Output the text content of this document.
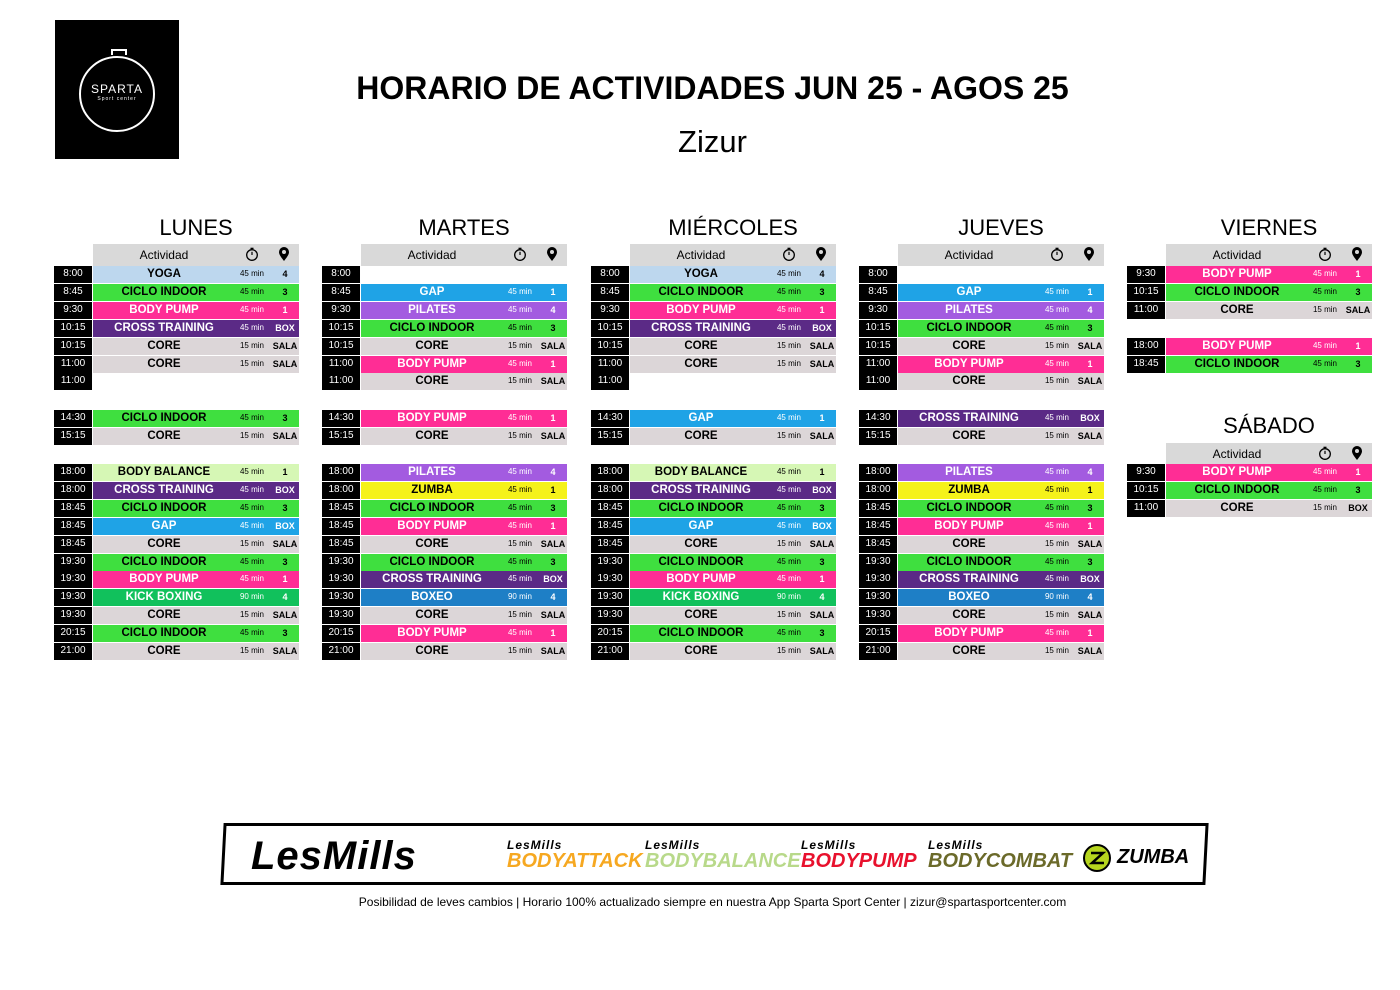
SPARTA
Sport center	HORARIO DE ACTIVIDADES JUN 25 - AGOS 25
Zizur
LUNES
Actividad
8:00	YOGA	45 min	4
8:45	CICLO INDOOR	45 min	3
9:30	BODY PUMP	45 min	1
10:15	CROSS TRAINING	45 min	BOX
10:15	CORE	15 min SALA
11:00	CORE	15 min SALA
11:00
14:30	CICLO INDOOR	45 min	3
15:15	CORE	15 min SALA
18:00	BODY BALANCE	45 min	1
18:00	CROSS TRAINING	45 min	BOX
18:45	CICLO INDOOR	45 min	3
18:45	GAP	45 min	BOX
18:45	CORE	15 min SALA
19:30	CICLO INDOOR	45 min	3
19:30	BODY PUMP	45 min	1
19:30	KICK BOXING	90 min	4
19:30	CORE	15 min SALA
20:15	CICLO INDOOR	45 min	3
21:00	CORE	15 min SALA
MARTES
Actividad
8:00
8:45	GAP	45 min	1
9:30	PILATES	45 min	4
10:15	CICLO INDOOR	45 min	3
10:15	CORE	15 min SALA
11:00	BODY PUMP	45 min	1
11:00	CORE	15 min SALA
14:30	BODY PUMP	45 min	1
15:15	CORE	15 min SALA
18:00	PILATES	45 min	4
18:00	ZUMBA	45 min	1
18:45	CICLO INDOOR	45 min	3
18:45	BODY PUMP	45 min	1
18:45	CORE	15 min SALA
19:30	CICLO INDOOR	45 min	3
19:30	CROSS TRAINING	45 min	BOX
19:30	BOXEO	90 min	4
19:30	CORE	15 min SALA
20:15	BODY PUMP	45 min	1
21:00	CORE	15 min SALA
MIÉRCOLES
Actividad
8:00	YOGA	45 min	4
8:45	CICLO INDOOR	45 min	3
9:30	BODY PUMP	45 min	1
10:15	CROSS TRAINING	45 min	BOX
10:15	CORE	15 min SALA
11:00	CORE	15 min SALA
11:00
14:30	GAP	45 min	1
15:15	CORE	15 min SALA
18:00	BODY BALANCE	45 min	1
18:00	CROSS TRAINING	45 min	BOX
18:45	CICLO INDOOR	45 min	3
18:45	GAP	45 min	BOX
18:45	CORE	15 min SALA
19:30	CICLO INDOOR	45 min	3
19:30	BODY PUMP	45 min	1
19:30	KICK BOXING	90 min	4
19:30	CORE	15 min SALA
20:15	CICLO INDOOR	45 min	3
21:00	CORE	15 min SALA
JUEVES
Actividad
8:00
8:45	GAP	45 min	1
9:30	PILATES	45 min	4
10:15	CICLO INDOOR	45 min	3
10:15	CORE	15 min SALA
11:00	BODY PUMP	45 min	1
11:00	CORE	15 min SALA
14:30	CROSS TRAINING	45 min	BOX
15:15	CORE	15 min SALA
18:00	PILATES	45 min	4
18:00	ZUMBA	45 min	1
18:45	CICLO INDOOR	45 min	3
18:45	BODY PUMP	45 min	1
18:45	CORE	15 min SALA
19:30	CICLO INDOOR	45 min	3
19:30	CROSS TRAINING	45 min	BOX
19:30	BOXEO	90 min	4
19:30	CORE	15 min SALA
20:15	BODY PUMP	45 min	1
21:00	CORE	15 min SALA
VIERNES
Actividad
9:30	BODY PUMP	45 min	1
10:15	CICLO INDOOR	45 min	3
11:00	CORE	15 min SALA
18:00	BODY PUMP	45 min	1
18:45	CICLO INDOOR	45 min	3
SÁBADO
Actividad
9:30	BODY PUMP	45 min	1
10:15	CICLO INDOOR	45 min	3
11:00	CORE	15 min	BOX
LesMills	LesMills
BODYATTACK
LesMills
BODYBALANCE
LesMills
BODYPUMP
LesMills
BODYCOMBAT ZUMBA
Posibilidad de leves cambios | Horario 100% actualizado siempre en nuestra App Sparta Sport Center | zizur@spartasportcenter.com
